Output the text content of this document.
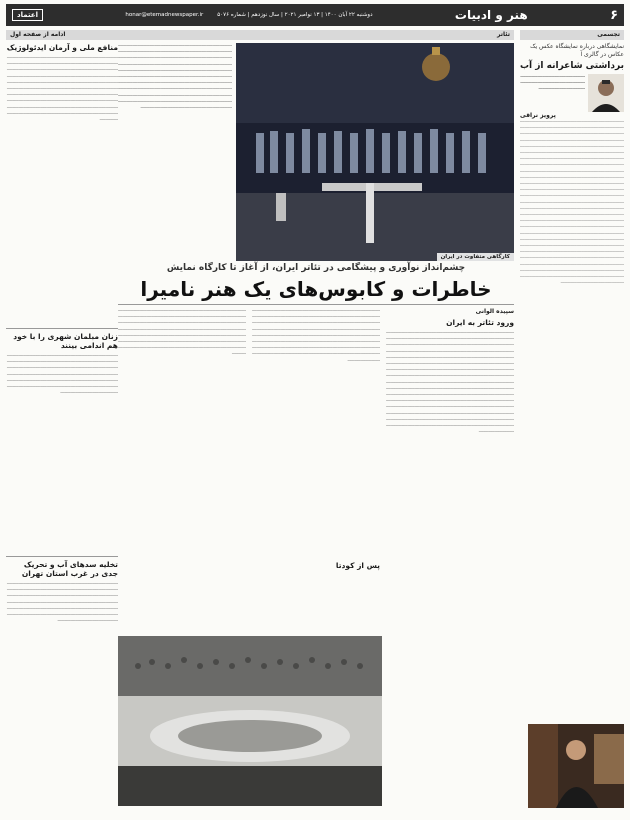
۶
هنر و ادبیات
honar@etemadnewspaper.ir	دوشنبه ۲۲ آبان ۱۴۰۰ | ۱۳ نوامبر ۲۰۲۱ | سال نوزدهم | شماره ۵۰۷۶
اعتماد
تجسمی
نمایشگاهی درباره نمایشگاه عکس یک عکاس در گالری آ
برداشتی شاعرانه از آب
ـــــــــــــــــــــــــــــــــــــــــــــــــــــــــــــــــــــــــــــــــــــــــــــــــــــــــــــــــــــــــــــ
پرویز نراقی
ـــــــــــــــــــــــــــــــــــــــــــــــــــــــــــــــــــــــــــــــــــــــــــــــــــــــــــــــــــــــــــــــــــــــــــــــــــــــــــــــــــــــــــــــــــــــــــــــــــــــــــــــــــــــــــــــــــــــــــــــــــــــــــــــــــــــــــــــــــــــــــــــــــــــــــــــــــــــــــــــــــــــــــــــــــــــــــــــــــــــــــــــــــــــــــــــــــــــــــــــــــــــــــــــــــــــــــــــــــــــــــــــــــــــــــــــــــــــــــــــــــــــــــــــــــــــــــــــــــــــــــــــــــــــــــــــــــــــــــــــــــــــــــــــــــــــــــــــــــــــــــــــــــــــــــــــــــــــــــــــــــــــــــــــــــــــــــــــــــــــــــــــــــــــــــــــــــــــــــــــــــــــــــــــــــــــــــــــــــــــــــــــــــــــــــــــــــــــــــــــــــــــــــــــــــــــــــــــــــــــــــــــــــــــــــــــــــــــــــــــــــــــــــــــــــــــــــــــــــــــــــــــــــــــــــــــــــــــــــــــــــــــــــــــــــــــــــــــــــــــــــــــــــــــــــــــــــــــــــــــــــــــــــــــــــــــــــــــــــــــــــــــــــــــــــــــــــــــــــــــــــــــــــــــــــــــــــــــــــــــــــــــــــــــــــــــــــــــــــــــــــــــــــــــــــــــــــــــــــــــــــــــــــــــــــــــــــــــــــــــــــــــــــــــــــــــــــــــــــــــــــــــــــــــــــــــــــــــــــــــــــــــــــــــــــــــــــــــــــــــــــــــــــــــــــــــــــــــــــــــــــــــــــــــــــــــــــــــــــــــــــــــــــــــــــــــــــــــــــــــــــــــــــــــــــــــــــــــــــــــــــــــــــــــــــــــــــــــــــــــــــــــــــــــــــــــــــــــــــــــــــــــــــــــــــــــــــــــــــــــــــــــــــــــــــــــــــــــــــــــــــــــــــــــــــــــــــــــــــــــــــــــــــــــــــــــــــــــــــــــــــــــــــــــــــــــــــــــــــــــــــــــــــــــــــــــــــــــــــــــــــــــــــــــــــــــــــــــــــــــــــــــــــــــــــــــــــــــــــــــــــــــــ
تئاتر
کارگاهی متفاوت در ایران
ـــــــــــــــــــــــــــــــــــــــــــــــــــــــــــــــــــــــــــــــــــــــــــــــــــــــــــــــــــــــــــــــــــــــــــــــــــــــــــــــــــــــــــــــــــــــــــــــــــــــــــــــــــــــــــــــــــــــــــــــــــــــــــــــــــــــــــــــــــــــــــــــــــــــــــــــــــــــــــــــــــــــــــــــــــــــــــــــــــــــــــــــــــــــــــــــــــــــــــــــــــــــــــــــــــــــــــــــــــــــــــــــــــــــــــــــــــــــــــــــــــــــــــــــــــــــــــــــــــــــــــــــــــــــــــــــــــــــــــــــــــــــــــــــــــــــــــــــــــــــــــــــــــــــــــــــــــــــــــــــــــــــــــــــــــــــــــــــــــــــــــــــــــــــــــــــــــــــــــــــــــــــــــــــــــــــــــــــــــــــــــــــــــــــــــــــــــــــــــــــــــــــــــــــــــــــــــــــــــــــــــــــــــــــــــــــــــــــــــ
چشم‌انداز نوآوری و پیشگامی در تئاتر ایران، از آغاز تا کارگاه نمایش
خاطرات و کابوس‌های یک هنر نامیرا
سپیده الوانی
ورود تئاتر به ایران
ـــــــــــــــــــــــــــــــــــــــــــــــــــــــــــــــــــــــــــــــــــــــــــــــــــــــــــــــــــــــــــــــــــــــــــــــــــــــــــــــــــــــــــــــــــــــــــــــــــــــــــــــــــــــــــــــــــــــــــــــــــــــــــــــــــــــــــــــــــــــــــــــــــــــــــــــــــــــــــــــــــــــــــــــــــــــــــــــــــــــــــــــــــــــــــــــــــــــــــــــــــــــــــــــــــــــــــــــــــــــــــــــــــــــــــــــــــــــــــــــــــــــــــــــــــــــــــــــــــــــــــــــــــــــــــــــــــــــــــــــــــــــــــــــــــــــــــــــــــــــــــــــــــــــــــــــــــــــــــــــــــــــــــــــــــــــــــــــــــــــــــــــــــــــــــــــــــــــــــــــــــــــــــــــــــــــــــــــــــــــــــــــــــــــــــــــــــــــــــــــــــــــــــــــــــــــــــــــــــــــــــــــــــــــــــــــــــــــــــــــــــــــــــــــــــــــــــــــــــــــــــــــــــــــــــــــــــــــــــــــــــــــــــــــــــــــــــــــــــــــــــــــــــــــــــــــــــــــــــــــــــــــــــــــــــــــــــــــــــــــــــــــــــــــــــــــــــــــــــــــــــــــــــــــــــــــــــــــــــــــــــــــــــــــــــــــــــــــــــــــــــــــــــــــــــــــــــــــــــــــــــــــــــــــــــــــــــــــــــــــــــــــــــــــــــــــــــــــــــــــــــــــــــــــــــــــــــــــــــــــــــــــــــــــــــــــــــــــــــــــــــــــــــــــــــــــــــــــــــــــــــــــــــــــــــــــــــــــــــــــــ
ـــــــــــــــــــــــــــــــــــــــــــــــــــــــــــــــــــــــــــــــــــــــــــــــــــــــــــــــــــــــــــــــــــــــــــــــــــــــــــــــــــــــــــــــــــــــــــــــــــــــــــــــــــــــــــــــــــــــــــــــــــــــــــــــــــــــــــــــــــــــــــــــــــــــــــــــــــــــــــــــــــــــــــــــــــــــــــــــــــــــــــــــــــــــــــــــــــــــــــــــــــــــــــــــــــــــــــــــــــــــــــــــــــــــــــــــــــــــــــــــــــــــــــــــــــــــــــــــــــــــــــــــــــــــــــــــــــــــــــــــــــــــــــــــــــــــــــــــــــــــــــــــــــــــــــــــــــــــــــــــــــــــــــــــــــــــــــــــــــــــــــــــــــــــــــــــــــــــــــــــــــــــــــــــــــــــــــــــ
پس از کودتا
ـــــــــــــــــــــــــــــــــــــــــــــــــــــــــــــــــــــــــــــــــــــــــــــــــــــــــــــــــــــــــــــــــــــــــــــــــــــــــــــــــــــــــــــــــــــــــــــــــــــــــــــــــــــــــــــــــــــــــــــــــــــــــــــــــــــــــــــــــــــــــــــــــــــــــــــــــــــــــــــــــــــــــــــــــــــــــــــــــــــــــــــــــــــــــــــــــــــــــــــــــــــــــــــــــــــــــــــــــــــــــــــــــــــــــــــــــــــــــــــــــــــــــــــــــــــــــــــــــــــــــــــــــــــــــــــــــــــــــــــــــــــــــــــــــــــــــــــــــــــــــــــــــــــــــــــــــــــــــــــــــــــــ
ادامه از صفحه اول
منافع ملی و آرمان ایدئولوژیک
ـــــــــــــــــــــــــــــــــــــــــــــــــــــــــــــــــــــــــــــــــــــــــــــــــــــــــــــــــــــــــــــــــــــــــــــــــــــــــــــــــــــــــــــــــــــــــــــــــــــــــــــــــــــــــــــــــــــــــــــــــــــــــــــــــــــــــــــــــــــــــــــــــــــــــــــــــــــــــــــــــــــــــــــــــــــــــــــــــــــــــــــــــــــــــــــــــــــــــــــــــــــــــــــــــــــــــــــــــــــــــــــــــــــــــــــــــــــــــــــــــــــــــــــــــــــــــــــــــــــــــــــــــــــــــــــــــــــــــــــــــــــــــــــــــــــــــــــــــــــــــــــــــــــــــــــــــــــــــــــــــــــــــــــــــــــــــــــــــــــــــــــــــــــــــــــــــــــــــــــــــــــــــــــــــــــــــــــــــــــــــــــــــــــــــــــــــــــــــــــــــــ
زنان مبلمان شهری را با خود هم اندامی بینند
ـــــــــــــــــــــــــــــــــــــــــــــــــــــــــــــــــــــــــــــــــــــــــــــــــــــــــــــــــــــــــــــــــــــــــــــــــــــــــــــــــــــــــــــــــــــــــــــــــــــــــــــــــــــــــــــــــــــــــــــــــــــــــــــــــــــــــــــــــــــــــــــــــــــــــــــــــــــــــــــــــــــــــــــــــــــــــــــــــــــــــــــــــــــــــــــــــــــــــــــــــــــــــــــــــــــــــــــــــــــــــــــــــــــــــــــــــــــــــــــــــــــــــــــــــــــــــــــــــــ
تخلیه سدهای آب و تحریک جدی در غرب استان تهران
ـــــــــــــــــــــــــــــــــــــــــــــــــــــــــــــــــــــــــــــــــــــــــــــــــــــــــــــــــــــــــــــــــــــــــــــــــــــــــــــــــــــــــــــــــــــــــــــــــــــــــــــــــــــــــــــــــــــــــــــــــــــــــــــــــــــــــــــــــــــــــــــــــــــــــــــــــــــــــــــــــــــــــــــــــــــــــــــــــــــــــــــــــــــــــــــــــــــــــــــــــــــــــــــــــــــــــــــــــــــــــــــــــــــــــــــــــــــــــــــــــــــــــــــــــــــــــــــــــــــ
